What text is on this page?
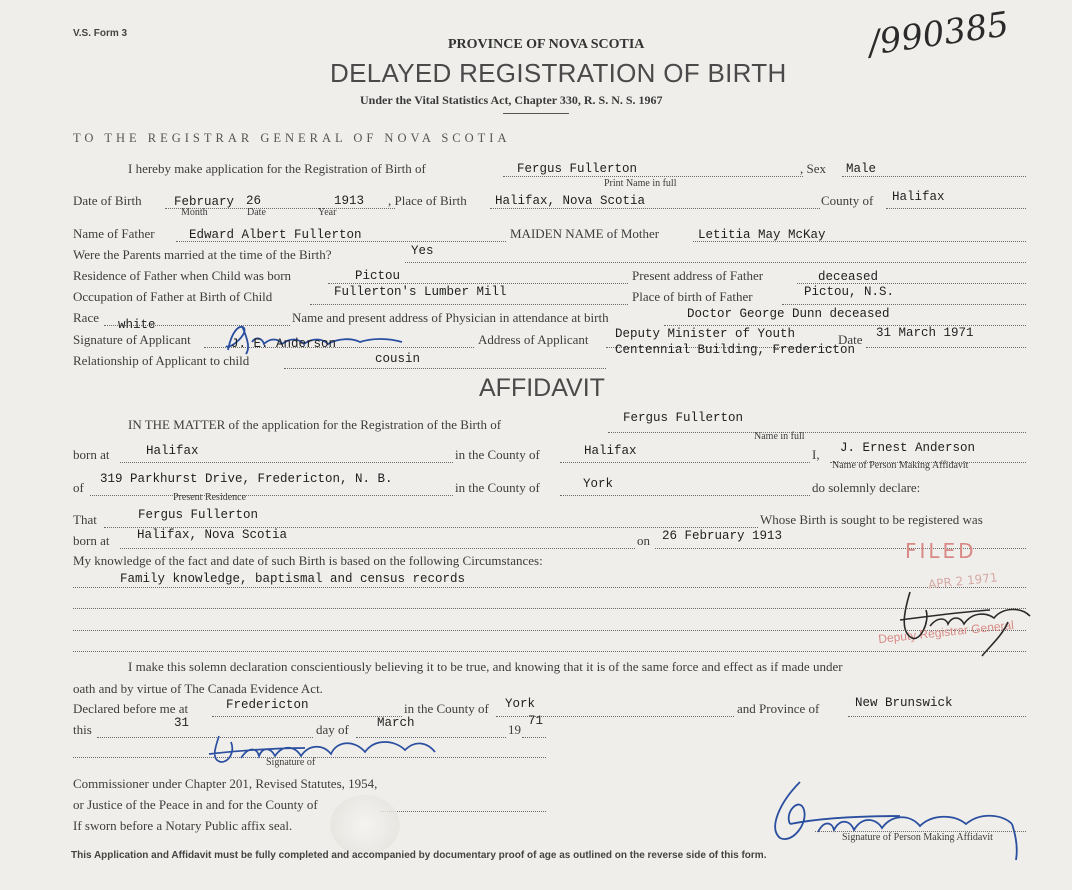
V.S. Form 3	/990385
PROVINCE OF NOVA SCOTIA
DELAYED REGISTRATION OF BIRTH
Under the Vital Statistics Act, Chapter 330, R. S. N. S. 1967
TO THE REGISTRAR GENERAL OF NOVA SCOTIA
I hereby make application for the Registration of Birth of	Fergus Fullerton
Print Name in full
, Sex Male
Date of Birth	February 26	1913
Month	Date	Year
, Place of Birth Halifax, Nova Scotia	County of Halifax
Name of Father	Edward Albert Fullerton	MAIDEN NAME of Mother	Letitia May McKay
Were the Parents married at the time of the Birth?	Yes
Residence of Father when Child was born	Pictou	Present address of Father	deceased
Occupation of Father at Birth of Child	Fullerton's Lumber Mill	Place of birth of Father	Pictou, N.S.
Race white	Name and present address of Physician in attendance at birth	Doctor George Dunn deceased
Signature of Applicant	J. E. Anderson	Address of Applicant Deputy Minister of Youth
Centennial Building, Fredericton
Date 31 March 1971
Relationship of Applicant to child	cousin
AFFIDAVIT
IN THE MATTER of the application for the Registration of the Birth of	Fergus Fullerton
Name in full
born at	Halifax	in the County of	Halifax	I, J. Ernest Anderson
Name of Person Making Affidavit
of
319 Parkhurst Drive, Fredericton, N. B.
Present Residence
in the County of	York	do solemnly declare:
That	Fergus Fullerton	Whose Birth is sought to be registered was
born at Halifax, Nova Scotia	on 26 February 1913
My knowledge of the fact and date of such Birth is based on the following Circumstances:
Family knowledge, baptismal and census records
FILED
APR 2 1971
Deputy Registrar General
I make this solemn declaration conscientiously believing it to be true, and knowing that it is of the same force and effect as if made under
oath and by virtue of The Canada Evidence Act.
Declared before me at	Fredericton	in the County of York	and Province of	New Brunswick
this	31	day of March	19
71
Signature of
Commissioner under Chapter 201, Revised Statutes, 1954,
or Justice of the Peace in and for the County of
If sworn before a Notary Public affix seal.
Signature of Person Making Affidavit
This Application and Affidavit must be fully completed and accompanied by documentary proof of age as outlined on the reverse side of this form.
